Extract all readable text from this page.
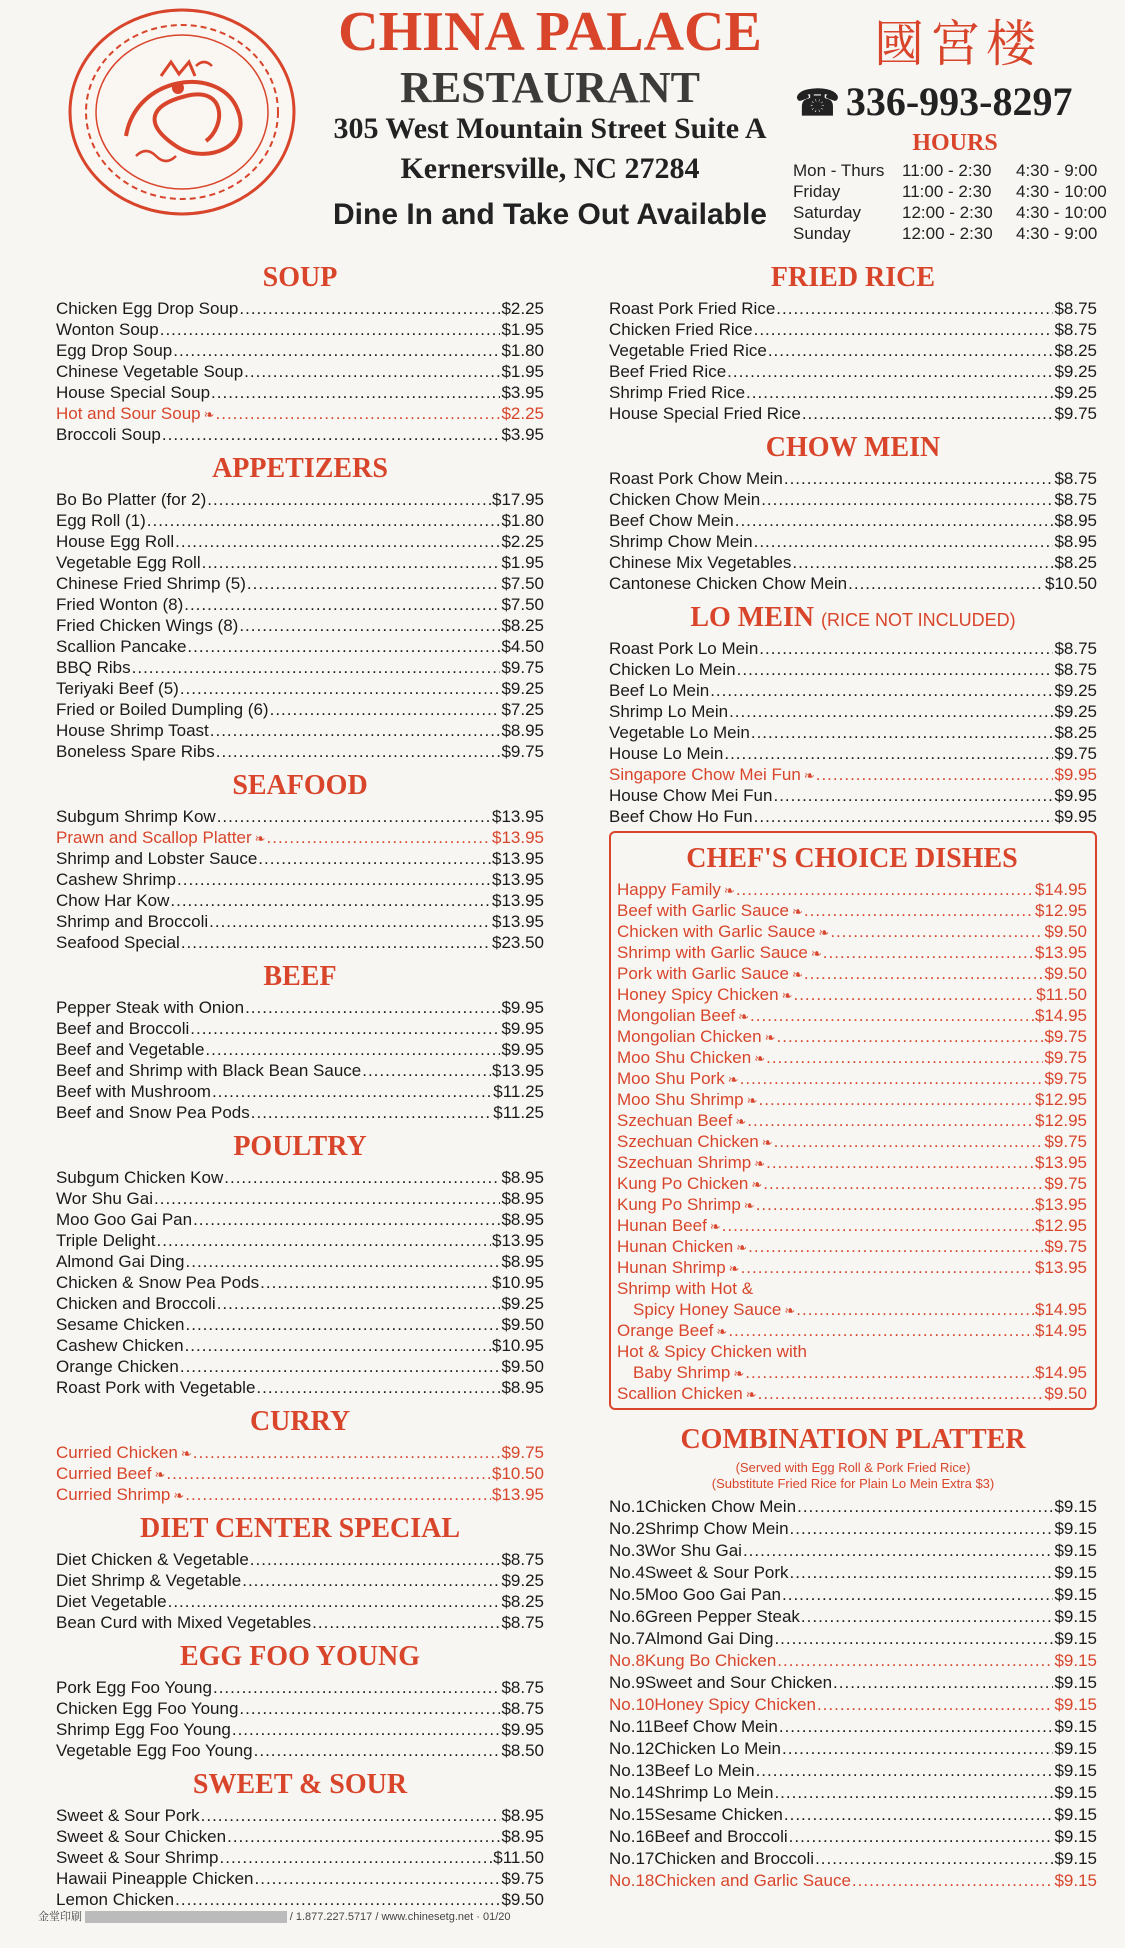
CHINA PALACE
RESTAURANT
305 West Mountain Street Suite A
Kernersville, NC 27284
Dine In and Take Out Available
國宮楼
☎ 336-993-8297
HOURS
Mon - Thurs	11:00 - 2:30	4:30 - 9:00
Friday	11:00 - 2:30	4:30 - 10:00
Saturday	12:00 - 2:30	4:30 - 10:00
Sunday	12:00 - 2:30	4:30 - 9:00
SOUP
Chicken Egg Drop Soup .....	$2.25
Wonton Soup .....	$1.95
Egg Drop Soup .....	$1.80
Chinese Vegetable Soup .....	$1.95
House Special Soup .....	$3.95
Hot and Sour Soup ❧ .....	$2.25
Broccoli Soup .....	$3.95
APPETIZERS
Bo Bo Platter (for 2) .....	$17.95
Egg Roll (1) .....	$1.80
House Egg Roll .....	$2.25
Vegetable Egg Roll .....	$1.95
Chinese Fried Shrimp (5) .....	$7.50
Fried Wonton (8) .....	$7.50
Fried Chicken Wings (8) .....	$8.25
Scallion Pancake .....	$4.50
BBQ Ribs .....	$9.75
Teriyaki Beef (5) .....	$9.25
Fried or Boiled Dumpling (6) .....	$7.25
House Shrimp Toast .....	$8.95
Boneless Spare Ribs .....	$9.75
SEAFOOD
Subgum Shrimp Kow .....	$13.95
Prawn and Scallop Platter ❧ .....	$13.95
Shrimp and Lobster Sauce .....	$13.95
Cashew Shrimp .....	$13.95
Chow Har Kow .....	$13.95
Shrimp and Broccoli .....	$13.95
Seafood Special .....	$23.50
BEEF
Pepper Steak with Onion .....	$9.95
Beef and Broccoli .....	$9.95
Beef and Vegetable .....	$9.95
Beef and Shrimp with Black Bean Sauce .....	$13.95
Beef with Mushroom .....	$11.25
Beef and Snow Pea Pods .....	$11.25
POULTRY
Subgum Chicken Kow .....	$8.95
Wor Shu Gai .....	$8.95
Moo Goo Gai Pan .....	$8.95
Triple Delight .....	$13.95
Almond Gai Ding .....	$8.95
Chicken & Snow Pea Pods .....	$10.95
Chicken and Broccoli .....	$9.25
Sesame Chicken .....	$9.50
Cashew Chicken .....	$10.95
Orange Chicken .....	$9.50
Roast Pork with Vegetable .....	$8.95
CURRY
Curried Chicken ❧ .....	$9.75
Curried Beef ❧ .....	$10.50
Curried Shrimp ❧ .....	$13.95
DIET CENTER SPECIAL
Diet Chicken & Vegetable .....	$8.75
Diet Shrimp & Vegetable .....	$9.25
Diet Vegetable .....	$8.25
Bean Curd with Mixed Vegetables .....	$8.75
EGG FOO YOUNG
Pork Egg Foo Young .....	$8.75
Chicken Egg Foo Young .....	$8.75
Shrimp Egg Foo Young .....	$9.95
Vegetable Egg Foo Young .....	$8.50
SWEET & SOUR
Sweet & Sour Pork .....	$8.95
Sweet & Sour Chicken .....	$8.95
Sweet & Sour Shrimp .....	$11.50
Hawaii Pineapple Chicken .....	$9.75
Lemon Chicken .....	$9.50
FRIED RICE
Roast Pork Fried Rice .....	$8.75
Chicken Fried Rice .....	$8.75
Vegetable Fried Rice .....	$8.25
Beef Fried Rice .....	$9.25
Shrimp Fried Rice .....	$9.25
House Special Fried Rice .....	$9.75
CHOW MEIN
Roast Pork Chow Mein .....	$8.75
Chicken Chow Mein .....	$8.75
Beef Chow Mein .....	$8.95
Shrimp Chow Mein .....	$8.95
Chinese Mix Vegetables .....	$8.25
Cantonese Chicken Chow Mein .....	$10.50
LO MEIN (RICE NOT INCLUDED)
Roast Pork Lo Mein .....	$8.75
Chicken Lo Mein .....	$8.75
Beef Lo Mein .....	$9.25
Shrimp Lo Mein .....	$9.25
Vegetable Lo Mein .....	$8.25
House Lo Mein .....	$9.75
Singapore Chow Mei Fun ❧ .....	$9.95
House Chow Mei Fun .....	$9.95
Beef Chow Ho Fun .....	$9.95
CHEF'S CHOICE DISHES
Happy Family ❧ .....	$14.95
Beef with Garlic Sauce ❧ .....	$12.95
Chicken with Garlic Sauce ❧ .....	$9.50
Shrimp with Garlic Sauce ❧ .....	$13.95
Pork with Garlic Sauce ❧ .....	$9.50
Honey Spicy Chicken ❧ .....	$11.50
Mongolian Beef ❧ .....	$14.95
Mongolian Chicken ❧ .....	$9.75
Moo Shu Chicken ❧ .....	$9.75
Moo Shu Pork ❧ .....	$9.75
Moo Shu Shrimp ❧ .....	$12.95
Szechuan Beef ❧ .....	$12.95
Szechuan Chicken ❧ .....	$9.75
Szechuan Shrimp ❧ .....	$13.95
Kung Po Chicken ❧ .....	$9.75
Kung Po Shrimp ❧ .....	$13.95
Hunan Beef ❧ .....	$12.95
Hunan Chicken ❧ .....	$9.75
Hunan Shrimp ❧ .....	$13.95
Shrimp with Hot &
Spicy Honey Sauce ❧ .....	$14.95
Orange Beef ❧ .....	$14.95
Hot & Spicy Chicken with
Baby Shrimp ❧ .....	$14.95
Scallion Chicken ❧ .....	$9.50
COMBINATION PLATTER
(Served with Egg Roll & Pork Fried Rice)
(Substitute Fried Rice for Plain Lo Mein Extra $3)
No.1 Chicken Chow Mein .....	$9.15
No.2 Shrimp Chow Mein .....	$9.15
No.3 Wor Shu Gai .....	$9.15
No.4 Sweet & Sour Pork .....	$9.15
No.5 Moo Goo Gai Pan .....	$9.15
No.6 Green Pepper Steak .....	$9.15
No.7 Almond Gai Ding .....	$9.15
No.8 Kung Bo Chicken .....	$9.15
No.9 Sweet and Sour Chicken .....	$9.15
No.10 Honey Spicy Chicken .....	$9.15
No.11 Beef Chow Mein .....	$9.15
No.12 Chicken Lo Mein .....	$9.15
No.13 Beef Lo Mein .....	$9.15
No.14 Shrimp Lo Mein .....	$9.15
No.15 Sesame Chicken .....	$9.15
No.16 Beef and Broccoli .....	$9.15
No.17 Chicken and Broccoli .....	$9.15
No.18 Chicken and Garlic Sauce .....	$9.15
金堂印刷	/ 1.877.227.5717 / www.chinesetg.net · 01/20
